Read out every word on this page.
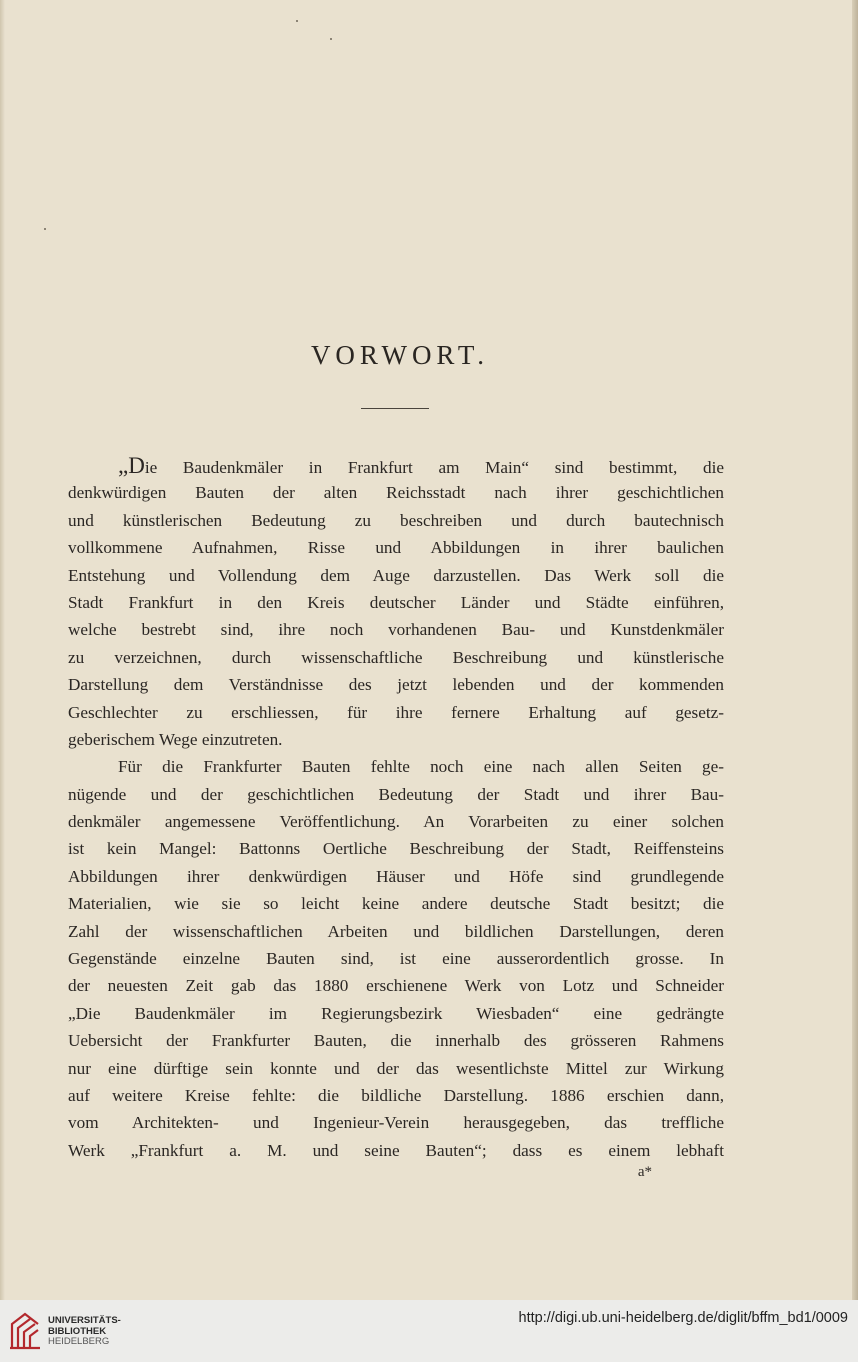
VORWORT.
„Die Baudenkmäler in Frankfurt am Main“ sind bestimmt, die
denkwürdigen Bauten der alten Reichsstadt nach ihrer geschichtlichen
und künstlerischen Bedeutung zu beschreiben und durch bautechnisch
vollkommene Aufnahmen, Risse und Abbildungen in ihrer baulichen
Entstehung und Vollendung dem Auge darzustellen. Das Werk soll die
Stadt Frankfurt in den Kreis deutscher Länder und Städte einführen,
welche bestrebt sind, ihre noch vorhandenen Bau- und Kunstdenkmäler
zu verzeichnen, durch wissenschaftliche Beschreibung und künstlerische
Darstellung dem Verständnisse des jetzt lebenden und der kommenden
Geschlechter zu erschliessen, für ihre fernere Erhaltung auf gesetz-
geberischem Wege einzutreten.
Für die Frankfurter Bauten fehlte noch eine nach allen Seiten ge-
nügende und der geschichtlichen Bedeutung der Stadt und ihrer Bau-
denkmäler angemessene Veröffentlichung. An Vorarbeiten zu einer solchen
ist kein Mangel: Battonns Oertliche Beschreibung der Stadt, Reiffensteins
Abbildungen ihrer denkwürdigen Häuser und Höfe sind grundlegende
Materialien, wie sie so leicht keine andere deutsche Stadt besitzt; die
Zahl der wissenschaftlichen Arbeiten und bildlichen Darstellungen, deren
Gegenstände einzelne Bauten sind, ist eine ausserordentlich grosse. In
der neuesten Zeit gab das 1880 erschienene Werk von Lotz und Schneider
„Die Baudenkmäler im Regierungsbezirk Wiesbaden“ eine gedrängte
Uebersicht der Frankfurter Bauten, die innerhalb des grösseren Rahmens
nur eine dürftige sein konnte und der das wesentlichste Mittel zur Wirkung
auf weitere Kreise fehlte: die bildliche Darstellung. 1886 erschien dann,
vom Architekten- und Ingenieur-Verein herausgegeben, das treffliche
Werk „Frankfurt a. M. und seine Bauten“; dass es einem lebhaft
a*
UNIVERSITÄTS-
BIBLIOTHEK
HEIDELBERG
http://digi.ub.uni-heidelberg.de/diglit/bffm_bd1/0009
